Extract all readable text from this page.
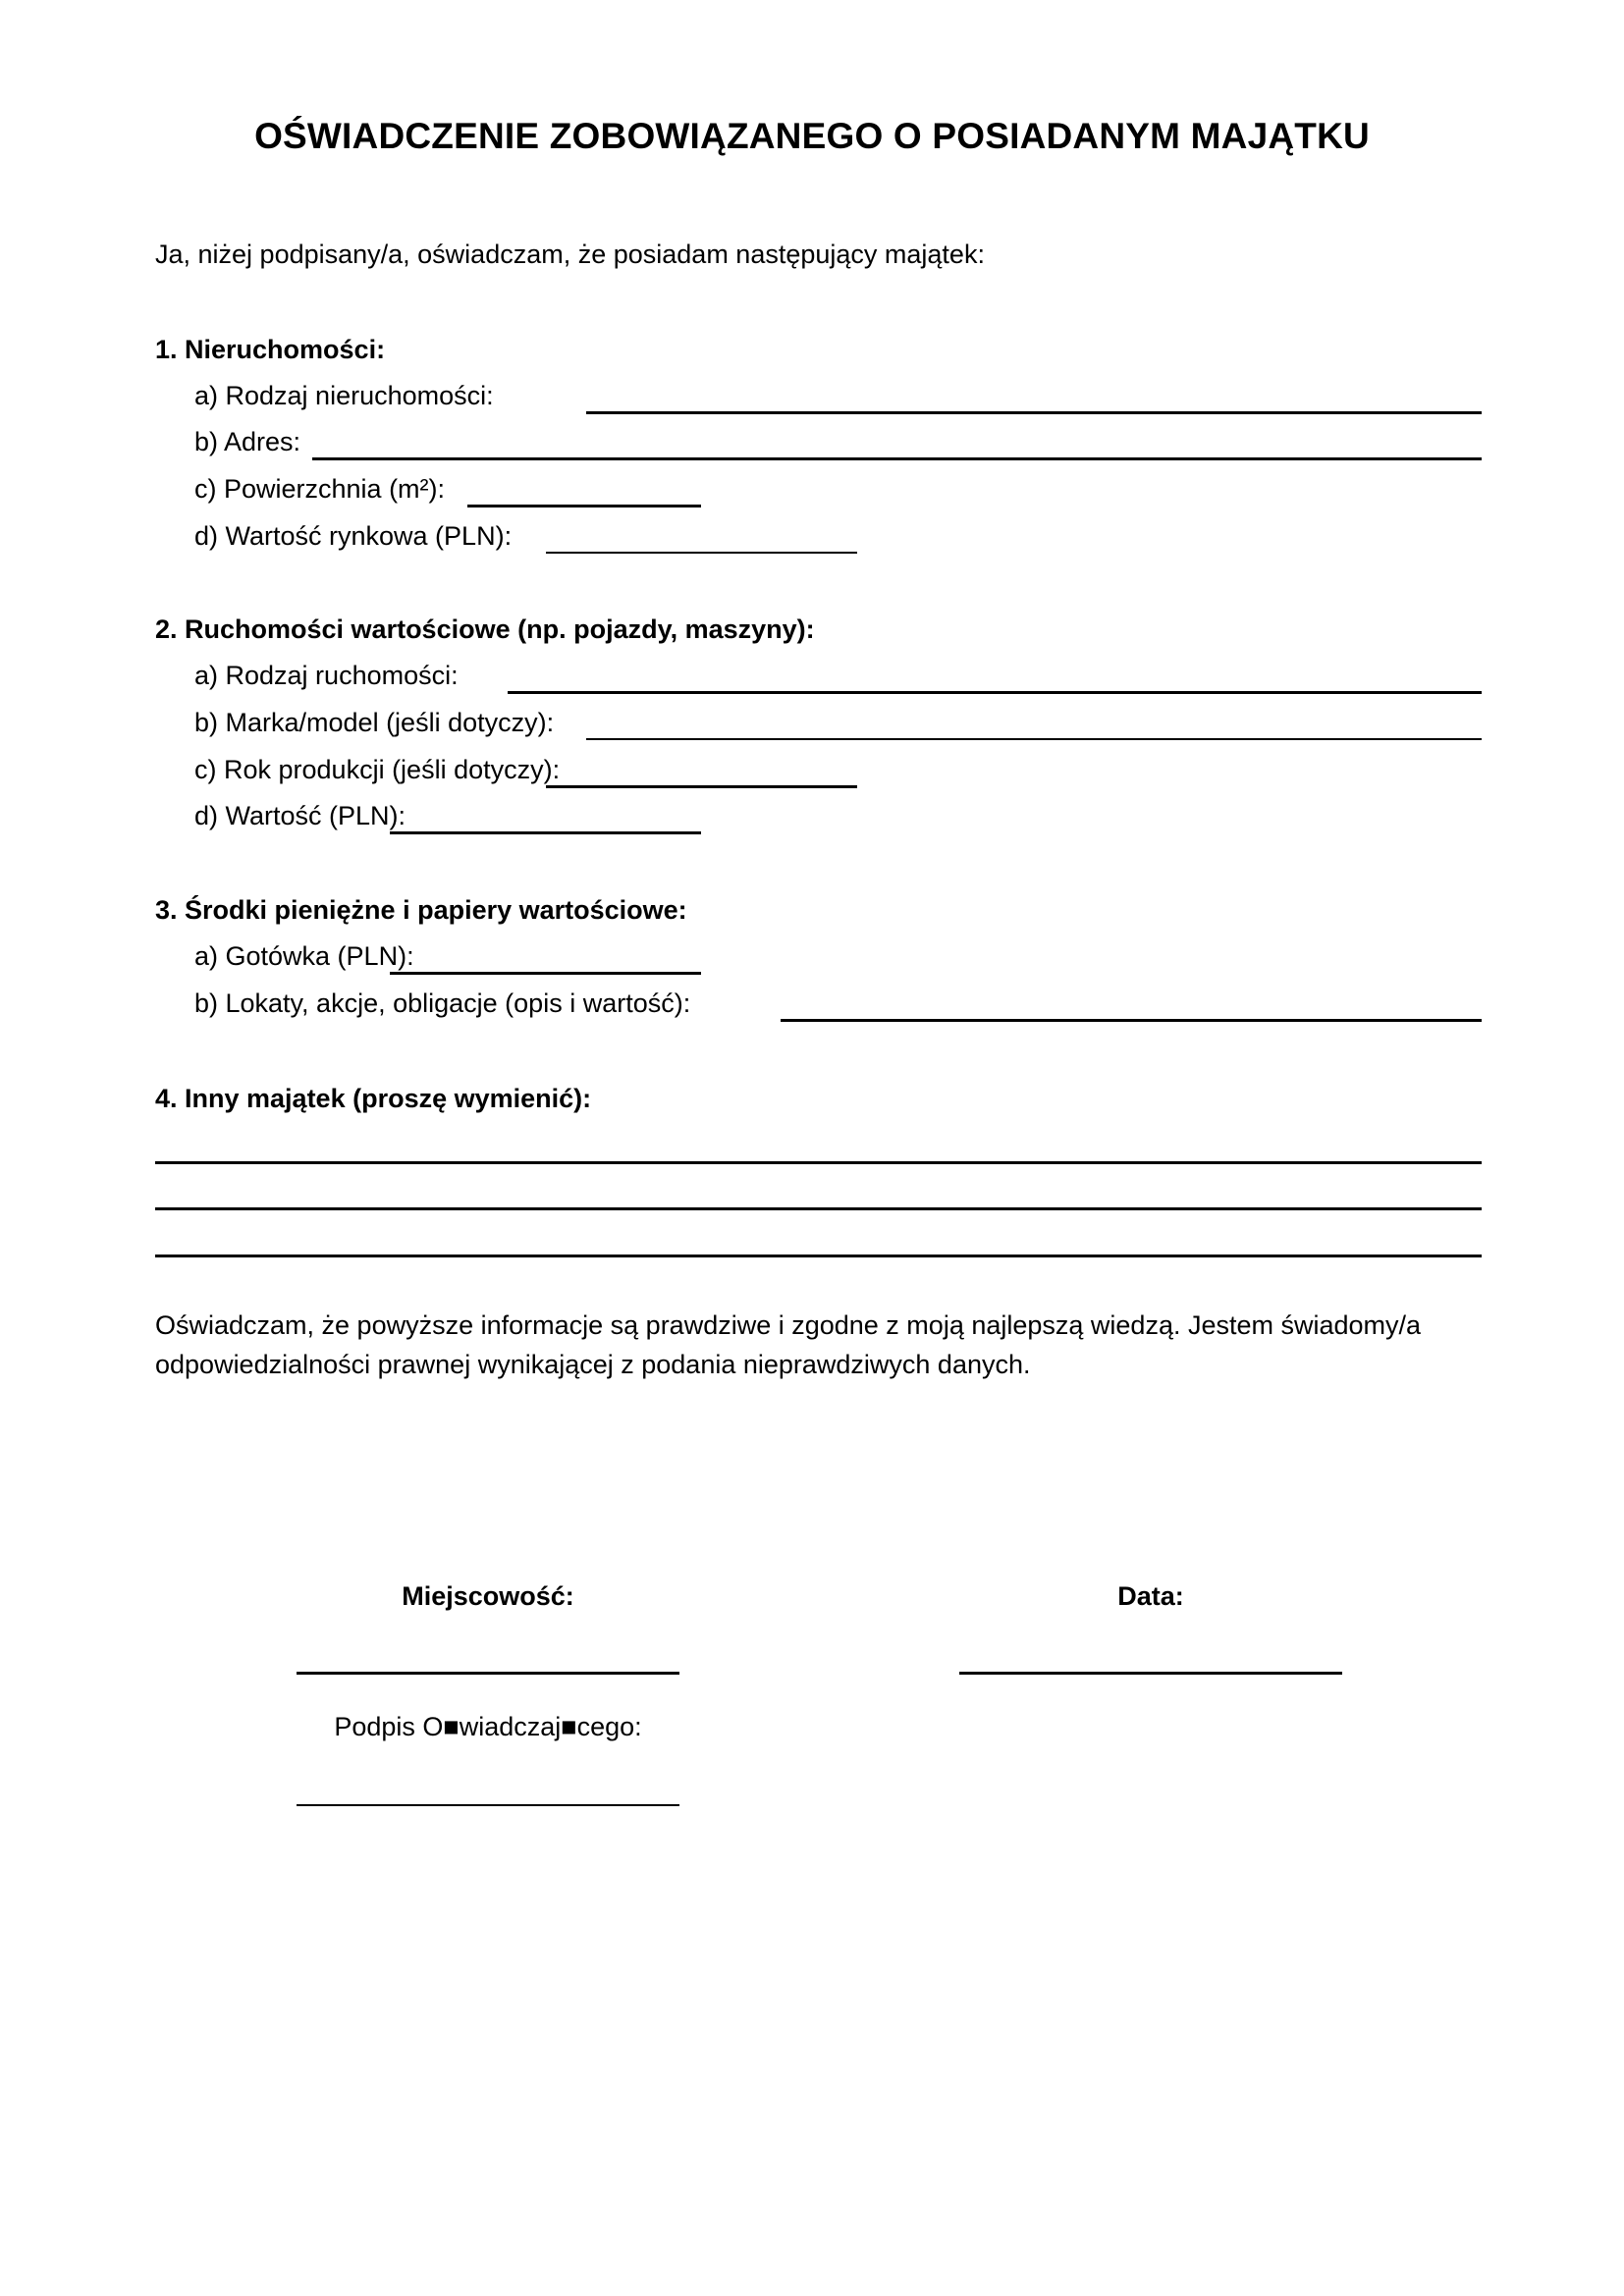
OŚWIADCZENIE ZOBOWIĄZANEGO O POSIADANYM MAJĄTKU
Ja, niżej podpisany/a, oświadczam, że posiadam następujący majątek:
1. Nieruchomości:
a) Rodzaj nieruchomości:
b) Adres:
c) Powierzchnia (m²):
d) Wartość rynkowa (PLN):
2. Ruchomości wartościowe (np. pojazdy, maszyny):
a) Rodzaj ruchomości:
b) Marka/model (jeśli dotyczy):
c) Rok produkcji (jeśli dotyczy):
d) Wartość (PLN):
3. Środki pieniężne i papiery wartościowe:
a) Gotówka (PLN):
b) Lokaty, akcje, obligacje (opis i wartość):
4. Inny majątek (proszę wymienić):
Oświadczam, że powyższe informacje są prawdziwe i zgodne z moją najlepszą wiedzą. Jestem świadomy/a odpowiedzialności prawnej wynikającej z podania nieprawdziwych danych.
Miejscowość:	Data:
Podpis O■wiadczaj■cego:
